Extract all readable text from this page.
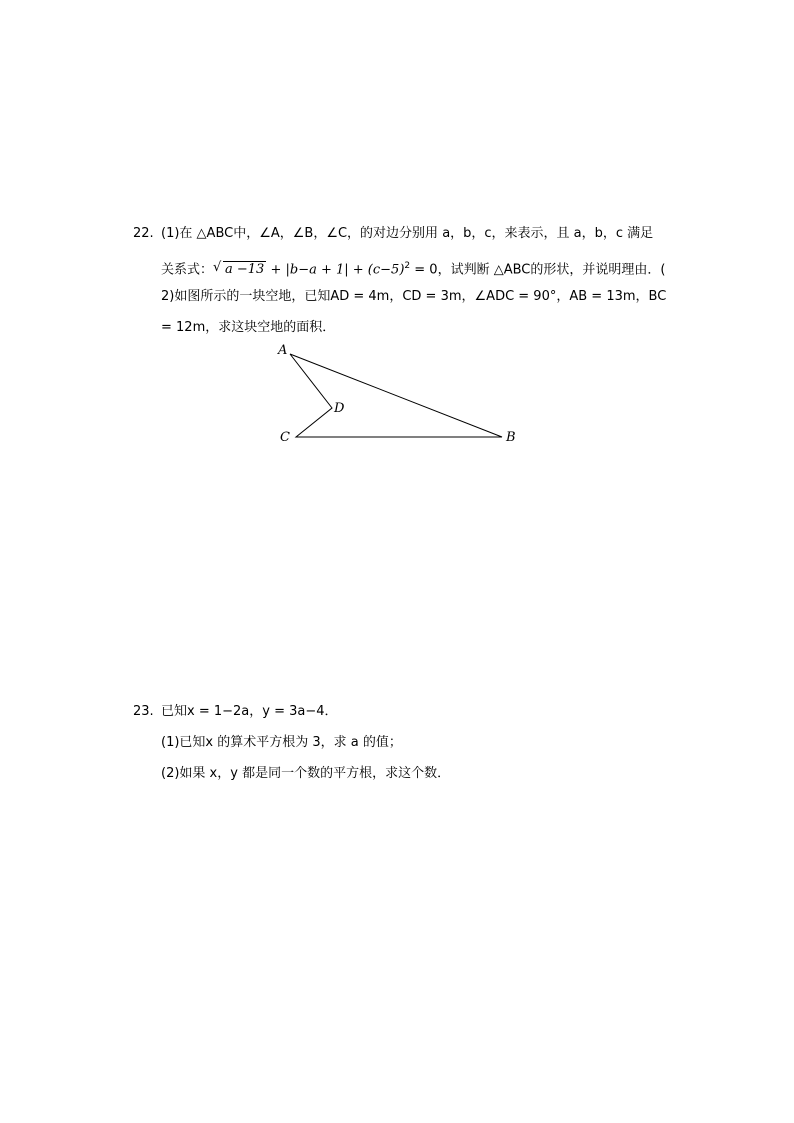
22. (1)在 △ABC中，∠A，∠B，∠C，的对边分别用 a，b，c，来表示，且 a，b，c 满足
关系式： √ $a -13 + |b-a + 1| + (c-5)^2 = 0$，试判断 △ABC的形状，并说明理由．(
2)如图所示的一块空地，已知AD = 4m，CD = 3m，∠ADC = 90°，AB = 13m，BC
= 12m，求这块空地的面积．
A
D
C	B
23. 已知x = 1−2a，y = 3a−4．
(1)已知x 的算术平方根为 3，求 a 的值；
(2)如果 x，y 都是同一个数的平方根，求这个数．
